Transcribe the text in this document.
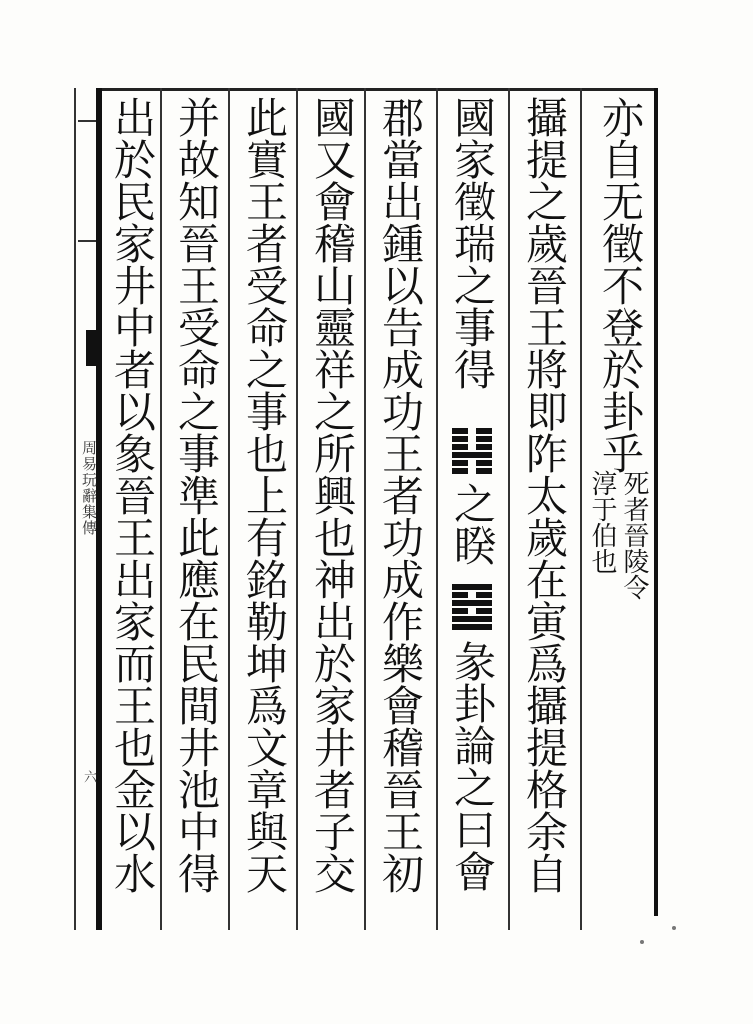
周易玩辭集傳
六
亦自无徵不登於卦乎
死者晉陵令
淳于伯也
攝提之歲晉王將即阼太歲在寅爲攝提格余自
國家徵瑞之事得
之睽
彖卦論之曰會
郡當出鍾以告成功王者功成作樂會稽晉王初
國又會稽山靈祥之所興也神出於家井者子交
此實王者受命之事也上有銘勒坤爲文章與天
并故知晉王受命之事準此應在民間井池中得
出於民家井中者以象晉王出家而王也金以水
